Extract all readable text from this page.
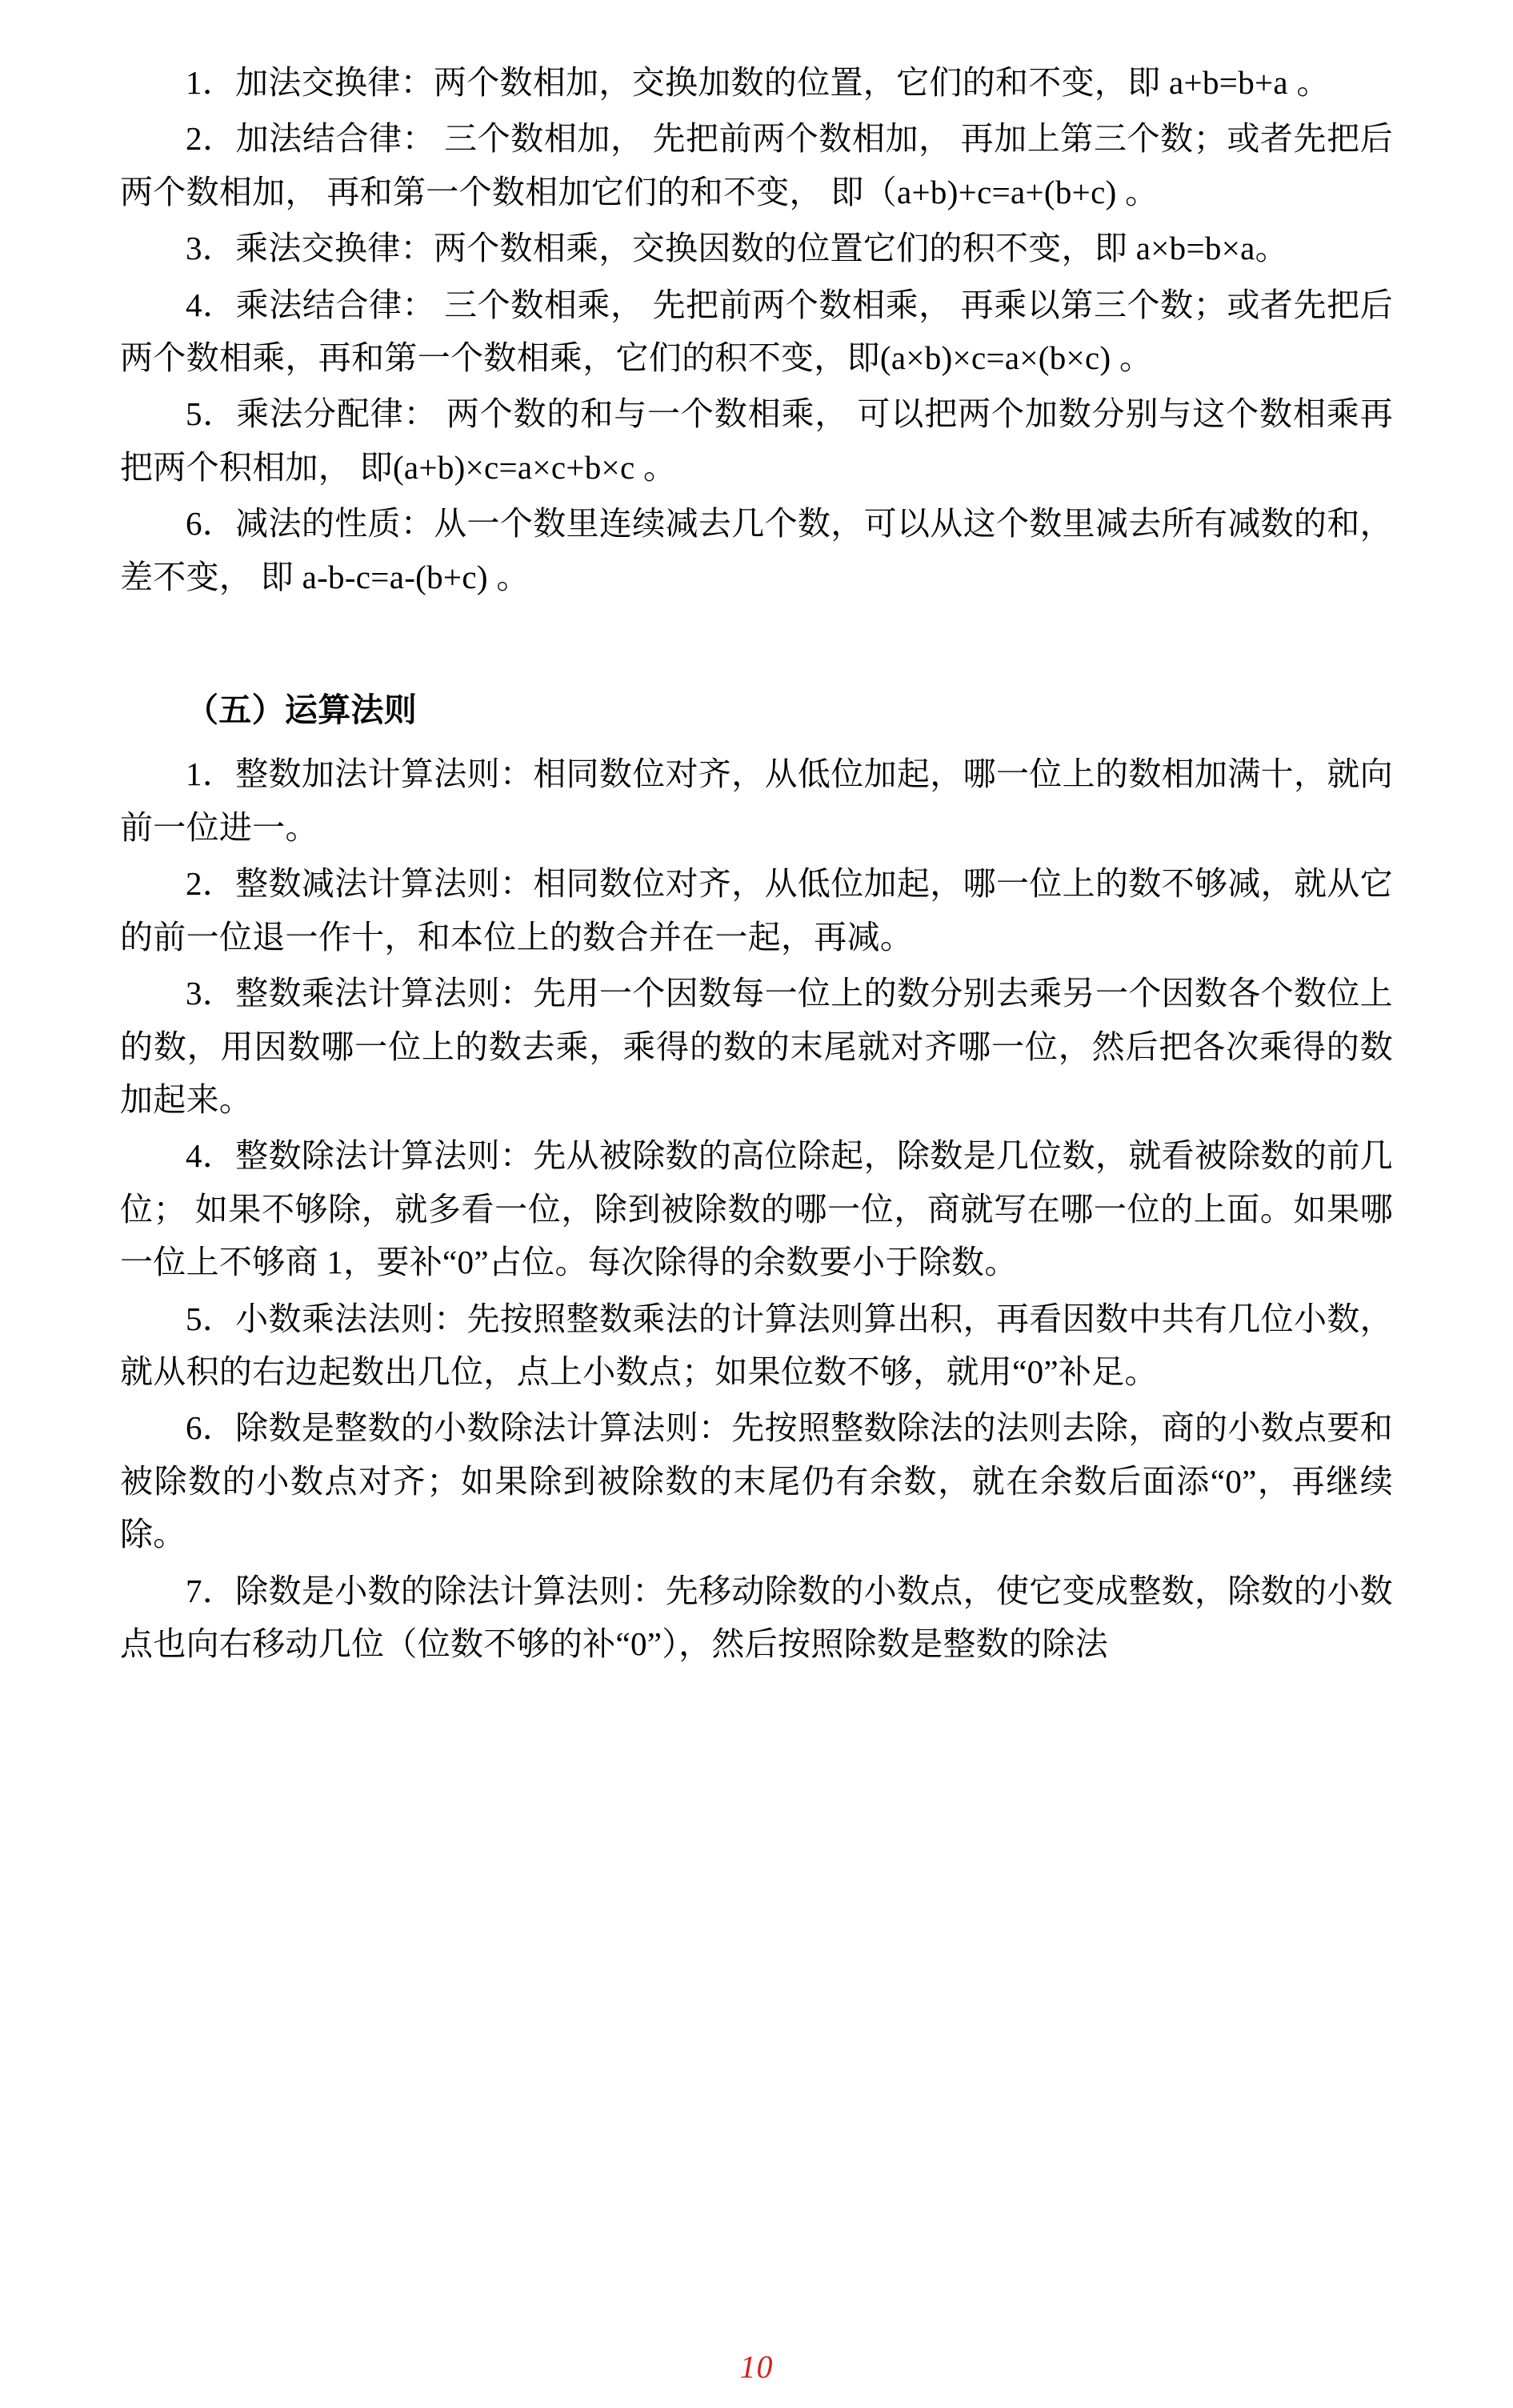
1．加法交换律：两个数相加，交换加数的位置，它们的和不变，即 a+b=b+a 。

2．加法结合律： 三个数相加， 先把前两个数相加， 再加上第三个数；或者先把后两个数相加， 再和第一个数相加它们的和不变， 即（a+b)+c=a+(b+c) 。

3．乘法交换律：两个数相乘，交换因数的位置它们的积不变，即 a×b=b×a。

4．乘法结合律： 三个数相乘， 先把前两个数相乘， 再乘以第三个数；或者先把后两个数相乘，再和第一个数相乘，它们的积不变，即(a×b)×c=a×(b×c) 。

5．乘法分配律： 两个数的和与一个数相乘， 可以把两个加数分别与这个数相乘再把两个积相加， 即(a+b)×c=a×c+b×c 。

6．减法的性质：从一个数里连续减去几个数，可以从这个数里减去所有减数的和，差不变， 即 a-b-c=a-(b+c) 。

（五）运算法则

1．整数加法计算法则：相同数位对齐，从低位加起，哪一位上的数相加满十，就向前一位进一。

2．整数减法计算法则：相同数位对齐，从低位加起，哪一位上的数不够减，就从它的前一位退一作十，和本位上的数合并在一起，再减。

3．整数乘法计算法则：先用一个因数每一位上的数分别去乘另一个因数各个数位上的数，用因数哪一位上的数去乘，乘得的数的末尾就对齐哪一位，然后把各次乘得的数加起来。

4．整数除法计算法则：先从被除数的高位除起，除数是几位数，就看被除数的前几位； 如果不够除，就多看一位，除到被除数的哪一位，商就写在哪一位的上面。如果哪一位上不够商 1，要补“0”占位。每次除得的余数要小于除数。

5．小数乘法法则：先按照整数乘法的计算法则算出积，再看因数中共有几位小数，就从积的右边起数出几位，点上小数点；如果位数不够，就用“0”补足。

6．除数是整数的小数除法计算法则：先按照整数除法的法则去除，商的小数点要和被除数的小数点对齐；如果除到被除数的末尾仍有余数，就在余数后面添“0”，再继续除。

7．除数是小数的除法计算法则：先移动除数的小数点，使它变成整数，除数的小数点也向右移动几位（位数不够的补“0”），然后按照除数是整数的除法

10
